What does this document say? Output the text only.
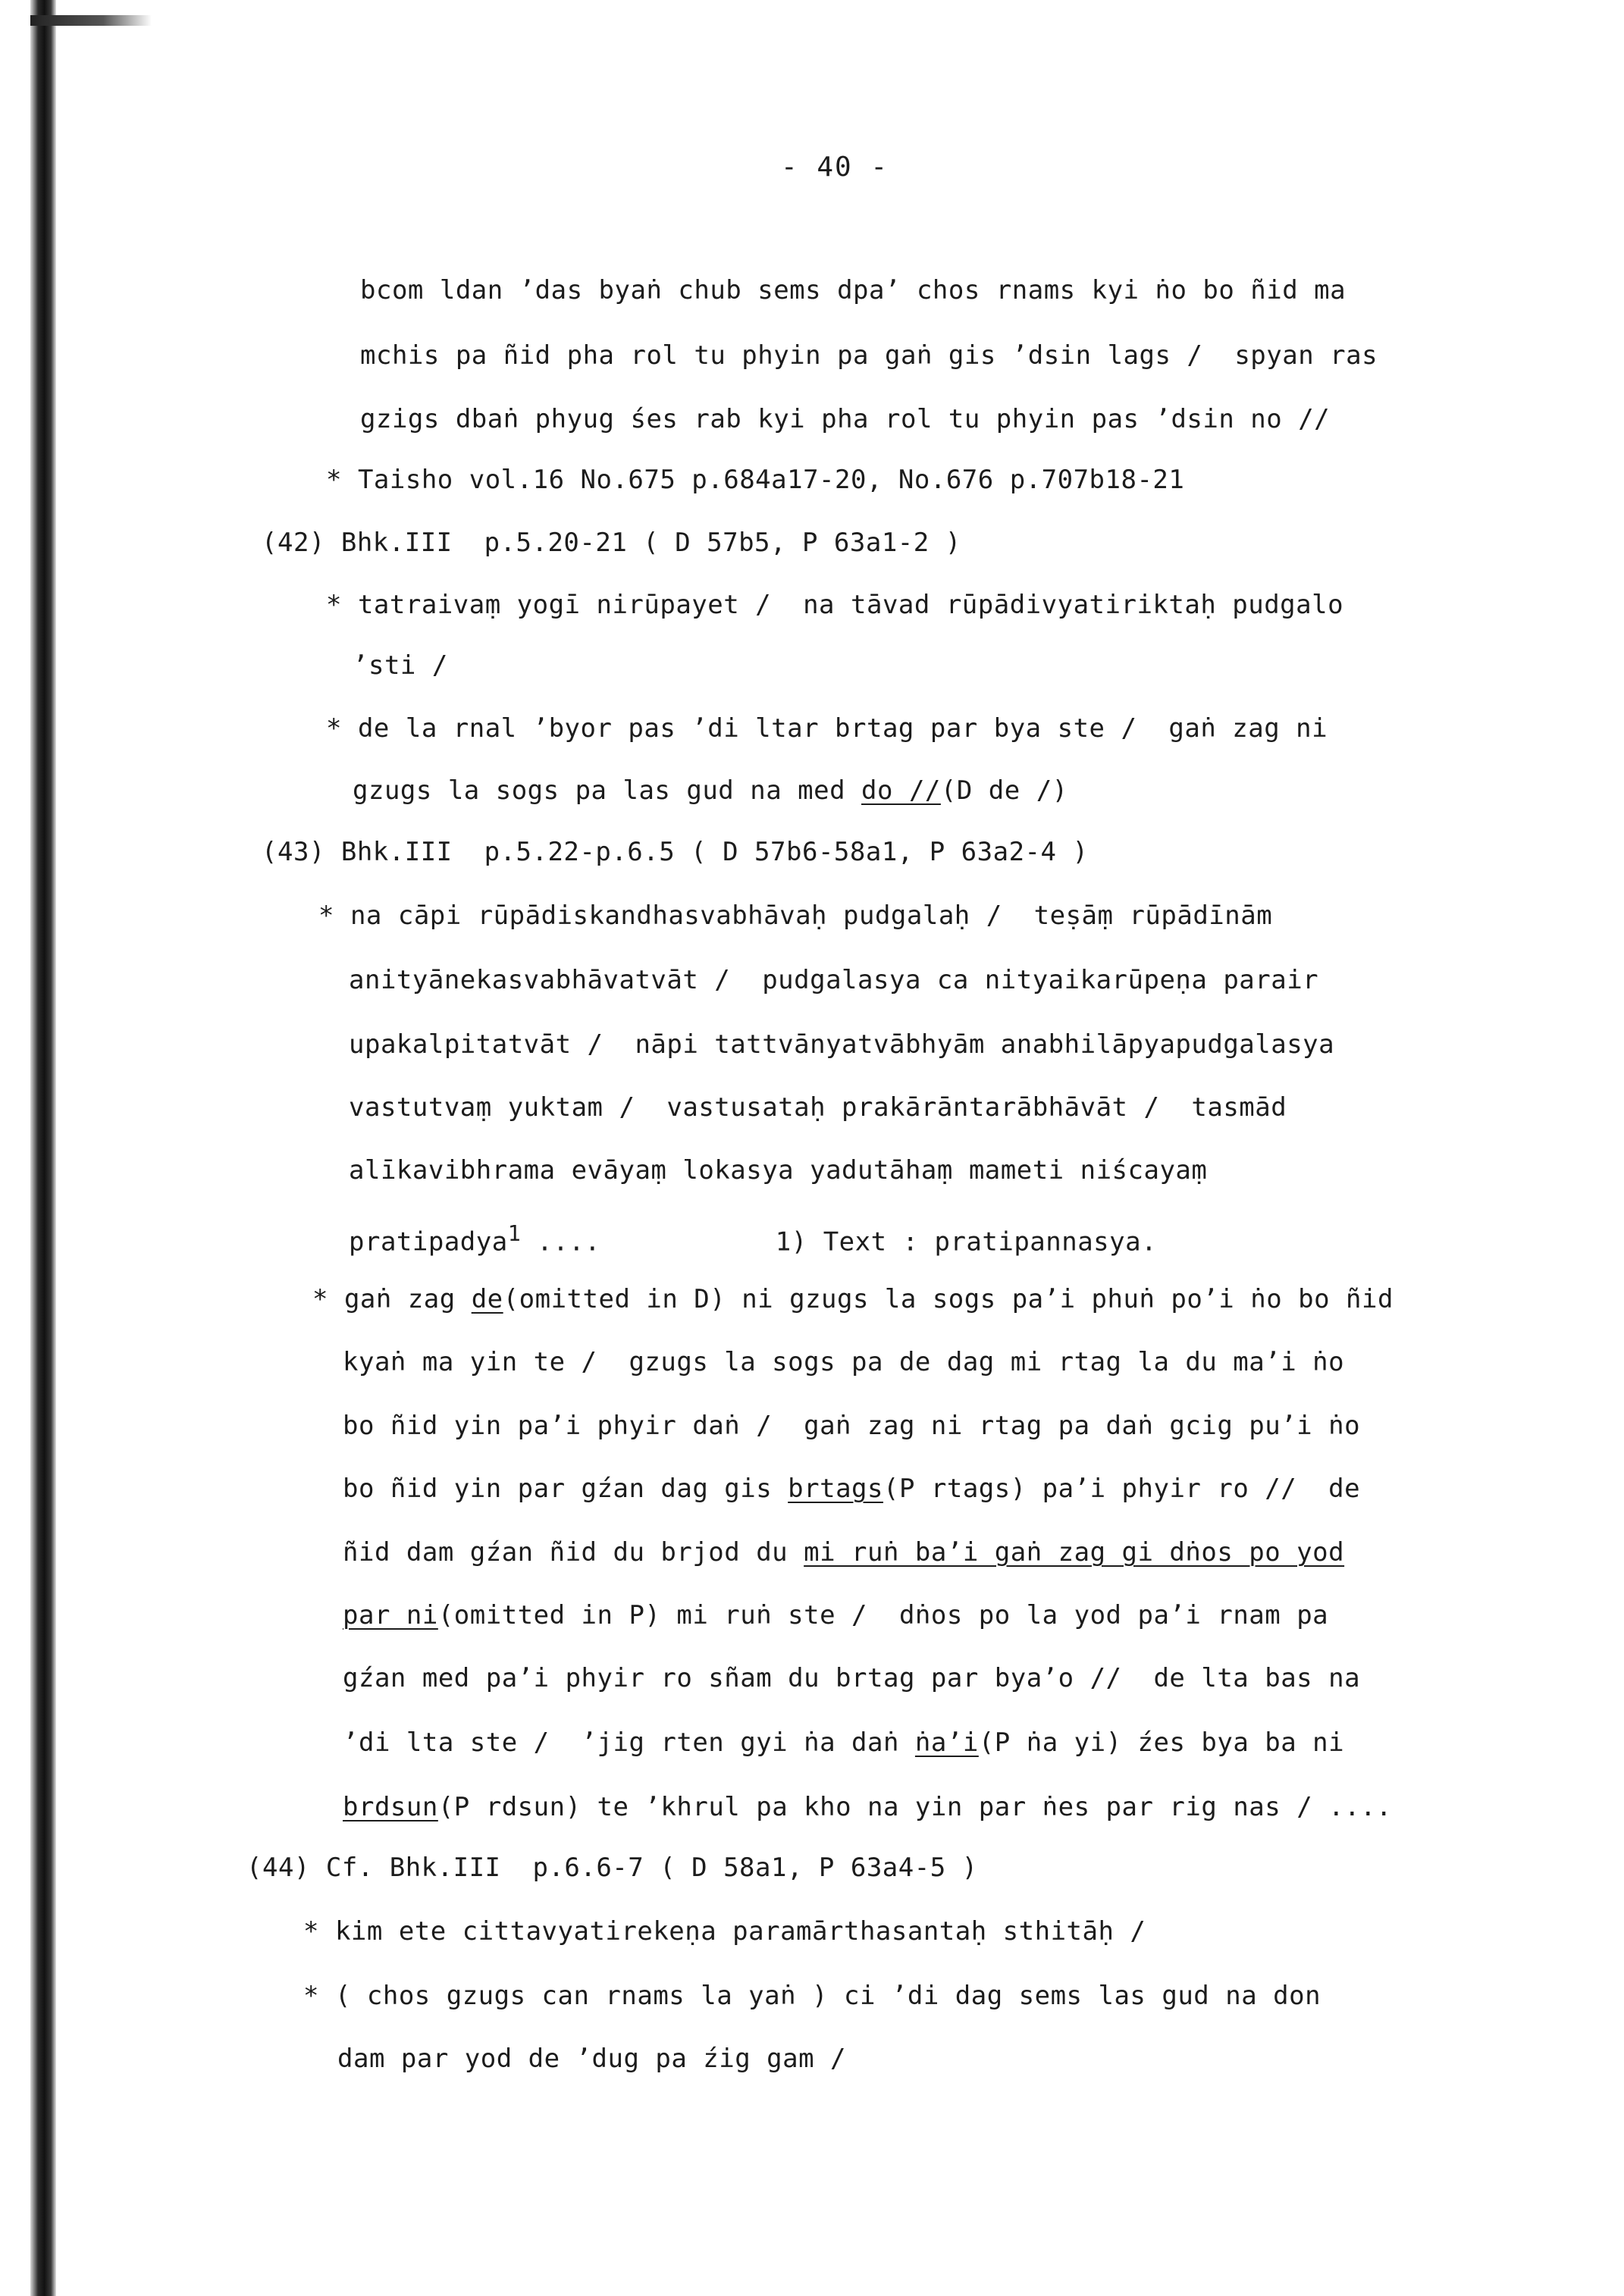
- 40 -
bcom ldan ʼdas byaṅ chub sems dpaʼ chos rnams kyi ṅo bo ñid ma
mchis pa ñid pha rol tu phyin pa gaṅ gis ʼdsin lags /  spyan ras
gzigs dbaṅ phyug śes rab kyi pha rol tu phyin pas ʼdsin no //
* Taisho vol.16 No.675 p.684a17-20, No.676 p.707b18-21
(42) Bhk.III  p.5.20-21 ( D 57b5, P 63a1-2 )
* tatraivaṃ yogī nirūpayet /  na tāvad rūpādivyatiriktaḥ pudgalo
ʼsti /
* de la rnal ʼbyor pas ʼdi ltar brtag par bya ste /  gaṅ zag ni
gzugs la sogs pa las gud na med do //(D de /)
(43) Bhk.III  p.5.22-p.6.5 ( D 57b6-58a1, P 63a2-4 )
* na cāpi rūpādiskandhasvabhāvaḥ pudgalaḥ /  teṣāṃ rūpādīnām
anityānekasvabhāvatvāt /  pudgalasya ca nityaikarūpeṇa parair
upakalpitatvāt /  nāpi tattvānyatvābhyām anabhilāpyapudgalasya
vastutvaṃ yuktam /  vastusataḥ prakārāntarābhāvāt /  tasmād
alīkavibhrama evāyaṃ lokasya yadutāhaṃ mameti niścayaṃ
pratipadya$^1$ ....           1) Text : pratipannasya.
* gaṅ zag de(omitted in D) ni gzugs la sogs paʼi phuṅ poʼi ṅo bo ñid
kyaṅ ma yin te /  gzugs la sogs pa de dag mi rtag la du maʼi ṅo
bo ñid yin paʼi phyir daṅ /  gaṅ zag ni rtag pa daṅ gcig puʼi ṅo
bo ñid yin par gźan dag gis brtags(P rtags) paʼi phyir ro //  de
ñid dam gźan ñid du brjod du mi ruṅ baʼi gaṅ zag gi dṅos po yod
par ni(omitted in P) mi ruṅ ste /  dṅos po la yod paʼi rnam pa
gźan med paʼi phyir ro sñam du brtag par byaʼo //  de lta bas na
ʼdi lta ste /  ʼjig rten gyi ṅa daṅ ṅaʼi(P ṅa yi) źes bya ba ni
brdsun(P rdsun) te ʼkhrul pa kho na yin par ṅes par rig nas / ....
(44) Cf. Bhk.III  p.6.6-7 ( D 58a1, P 63a4-5 )
* kim ete cittavyatirekeṇa paramārthasantaḥ sthitāḥ /
* ( chos gzugs can rnams la yaṅ ) ci ʼdi dag sems las gud na don
dam par yod de ʼdug pa źig gam /
